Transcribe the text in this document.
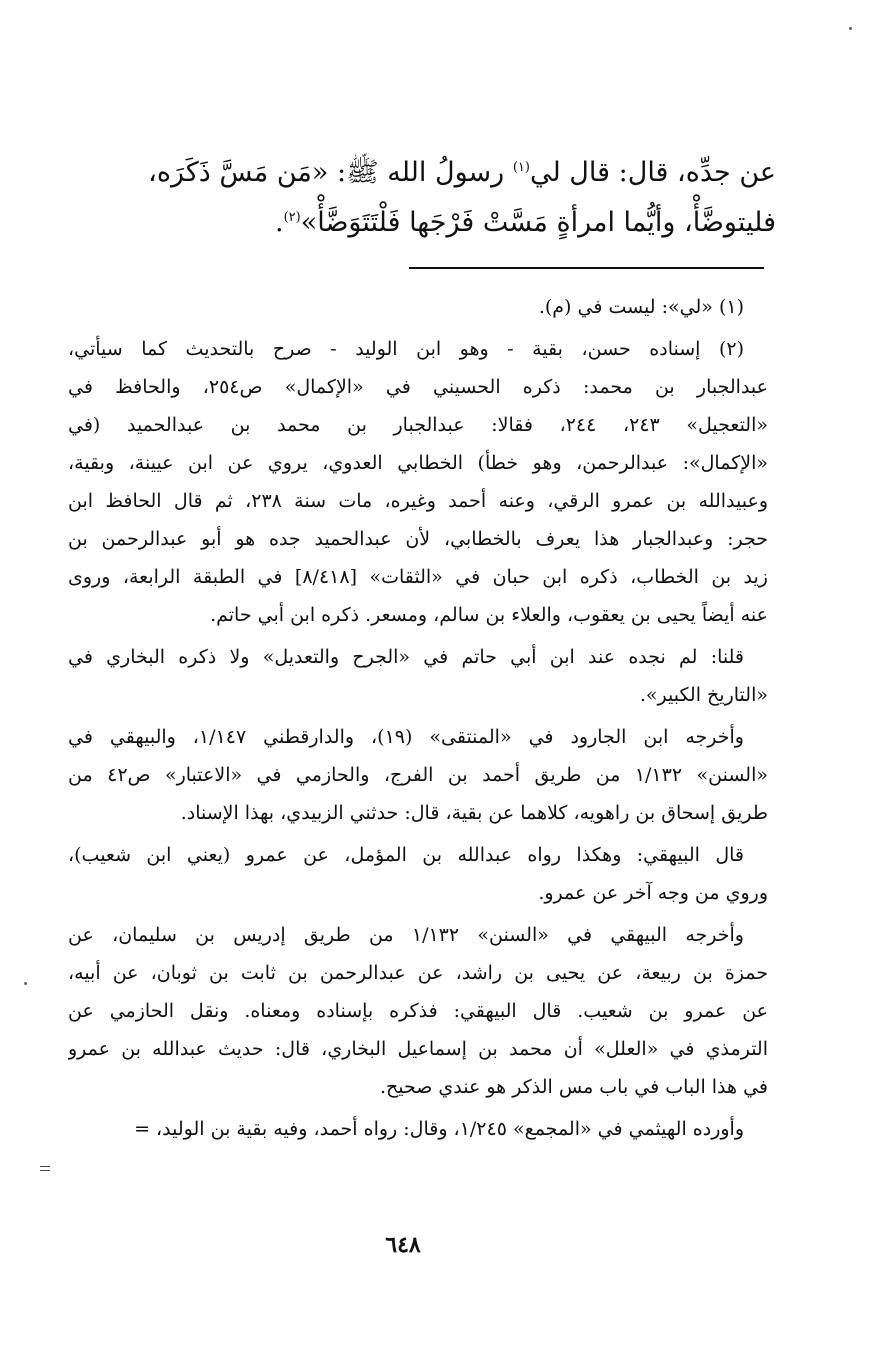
عن جدِّه، قال: قال لي$^{(١)}$ رسولُ الله ﷺ: «مَن مَسَّ ذَكَرَه،
فليتوضَّأْ، وأيُّما امرأةٍ مَسَّتْ فَرْجَها فَلْتَتَوَضَّأْ»$^{(٢)}$.
(١) «لي»: ليست في (م).
(٢) إسناده حسن، بقية - وهو ابن الوليد - صرح بالتحديث كما سيأتي،
عبدالجبار بن محمد: ذكره الحسيني في «الإكمال» ص٢٥٤، والحافظ في
«التعجيل» ٢٤٣، ٢٤٤، فقالا: عبدالجبار بن محمد بن عبدالحميد (في
«الإكمال»: عبدالرحمن، وهو خطأ) الخطابي العدوي، يروي عن ابن عيينة، وبقية،
وعبيدالله بن عمرو الرقي، وعنه أحمد وغيره، مات سنة ٢٣٨، ثم قال الحافظ ابن
حجر: وعبدالجبار هذا يعرف بالخطابي، لأن عبدالحميد جده هو أبو عبدالرحمن بن
زيد بن الخطاب، ذكره ابن حبان في «الثقات» [٨/٤١٨] في الطبقة الرابعة، وروى
عنه أيضاً يحيى بن يعقوب، والعلاء بن سالم، ومسعر. ذكره ابن أبي حاتم.
قلنا: لم نجده عند ابن أبي حاتم في «الجرح والتعديل» ولا ذكره البخاري في
«التاريخ الكبير».
وأخرجه ابن الجارود في «المنتقى» (١٩)، والدارقطني ١/١٤٧، والبيهقي في
«السنن» ١/١٣٢ من طريق أحمد بن الفرج، والحازمي في «الاعتبار» ص٤٢ من
طريق إسحاق بن راهويه، كلاهما عن بقية، قال: حدثني الزبيدي، بهذا الإسناد.
قال البيهقي: وهكذا رواه عبدالله بن المؤمل، عن عمرو (يعني ابن شعيب)،
وروي من وجه آخر عن عمرو.
وأخرجه البيهقي في «السنن» ١/١٣٢ من طريق إدريس بن سليمان، عن
حمزة بن ربيعة، عن يحيى بن راشد، عن عبدالرحمن بن ثابت بن ثوبان، عن أبيه،
عن عمرو بن شعيب. قال البيهقي: فذكره بإسناده ومعناه. ونقل الحازمي عن
الترمذي في «العلل» أن محمد بن إسماعيل البخاري، قال: حديث عبدالله بن عمرو
في هذا الباب في باب مس الذكر هو عندي صحيح.
وأورده الهيثمي في «المجمع» ١/٢٤٥، وقال: رواه أحمد، وفيه بقية بن الوليد، =
٦٤٨
